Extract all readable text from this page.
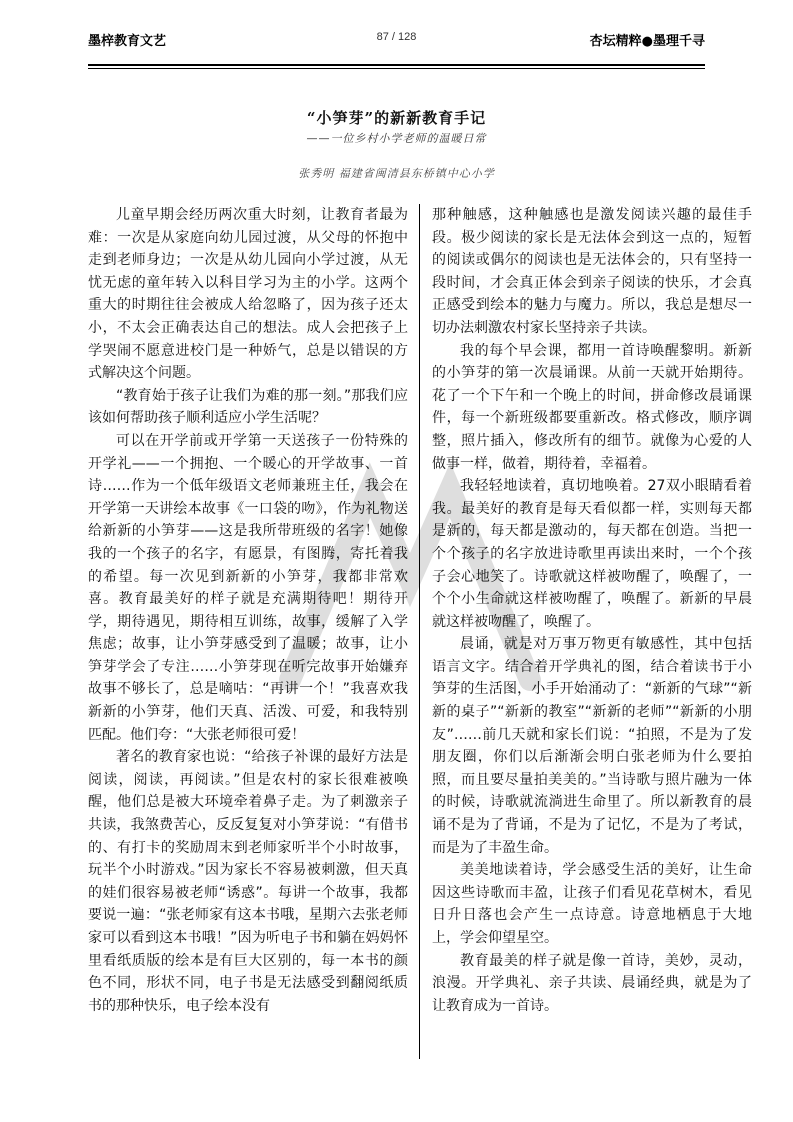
墨梓教育文艺	87 / 128	杏坛精粹●墨理千寻
“小笋芽”的新新教育手记
——一位乡村小学老师的温暖日常
张秀明 福建省闽清县东桥镇中心小学

儿童早期会经历两次重大时刻，让教育者最为难：一次是从家庭向幼儿园过渡，从父母的怀抱中走到老师身边；一次是从幼儿园向小学过渡，从无忧无虑的童年转入以科目学习为主的小学。这两个重大的时期往往会被成人给忽略了，因为孩子还太小，不太会正确表达自己的想法。成人会把孩子上学哭闹不愿意进校门是一种娇气，总是以错误的方式解决这个问题。

“教育始于孩子让我们为难的那一刻。”那我们应该如何帮助孩子顺利适应小学生活呢？

可以在开学前或开学第一天送孩子一份特殊的开学礼——一个拥抱、一个暖心的开学故事、一首诗……作为一个低年级语文老师兼班主任，我会在开学第一天讲绘本故事《一口袋的吻》，作为礼物送给新新的小笋芽——这是我所带班级的名字！她像我的一个孩子的名字，有愿景，有图腾，寄托着我的希望。每一次见到新新的小笋芽，我都非常欢喜。教育最美好的样子就是充满期待吧！期待开学，期待遇见，期待相互训练，故事，缓解了入学焦虑；故事，让小笋芽感受到了温暖；故事，让小笋芽学会了专注……小笋芽现在听完故事开始嫌弃故事不够长了，总是嘀咕：“再讲一个！”我喜欢我新新的小笋芽，他们天真、活泼、可爱，和我特别匹配。他们夸：“大张老师很可爱！

著名的教育家也说：“给孩子补课的最好方法是阅读，阅读，再阅读。”但是农村的家长很难被唤醒，他们总是被大环境牵着鼻子走。为了刺激亲子共读，我煞费苦心，反反复复对小笋芽说：“有借书的、有打卡的奖励周末到老师家听半个小时故事，玩半个小时游戏。”因为家长不容易被刺激，但天真的娃们很容易被老师“诱惑”。每讲一个故事，我都要说一遍：“张老师家有这本书哦，星期六去张老师家可以看到这本书哦！”因为听电子书和躺在妈妈怀里看纸质版的绘本是有巨大区别的，每一本书的颜色不同，形状不同，电子书是无法感受到翻阅纸质书的那种快乐，电子绘本没有

那种触感，这种触感也是激发阅读兴趣的最佳手段。极少阅读的家长是无法体会到这一点的，短暂的阅读或偶尔的阅读也是无法体会的，只有坚持一段时间，才会真正体会到亲子阅读的快乐，才会真正感受到绘本的魅力与魔力。所以，我总是想尽一切办法刺激农村家长坚持亲子共读。

我的每个早会课，都用一首诗唤醒黎明。新新的小笋芽的第一次晨诵课。从前一天就开始期待。花了一个下午和一个晚上的时间，拼命修改晨诵课件，每一个新班级都要重新改。格式修改，顺序调整，照片插入，修改所有的细节。就像为心爱的人做事一样，做着，期待着，幸福着。

我轻轻地读着，真切地唤着。27双小眼睛看着我。最美好的教育是每天看似都一样，实则每天都是新的，每天都是激动的，每天都在创造。当把一个个孩子的名字放进诗歌里再读出来时，一个个孩子会心地笑了。诗歌就这样被吻醒了，唤醒了，一个个小生命就这样被吻醒了，唤醒了。新新的早晨就这样被吻醒了，唤醒了。

晨诵，就是对万事万物更有敏感性，其中包括语言文字。结合着开学典礼的图，结合着读书于小笋芽的生活图，小手开始涌动了：“新新的气球”“新新的桌子”“新新的教室”“新新的老师”“新新的小朋友”……前几天就和家长们说：“拍照，不是为了发朋友圈，你们以后渐渐会明白张老师为什么要拍照，而且要尽量拍美美的。”当诗歌与照片融为一体的时候，诗歌就流淌进生命里了。所以新教育的晨诵不是为了背诵，不是为了记忆，不是为了考试，而是为了丰盈生命。

美美地读着诗，学会感受生活的美好，让生命因这些诗歌而丰盈，让孩子们看见花草树木，看见日升日落也会产生一点诗意。诗意地栖息于大地上，学会仰望星空。

教育最美的样子就是像一首诗，美妙，灵动，浪漫。开学典礼、亲子共读、晨诵经典，就是为了让教育成为一首诗。
